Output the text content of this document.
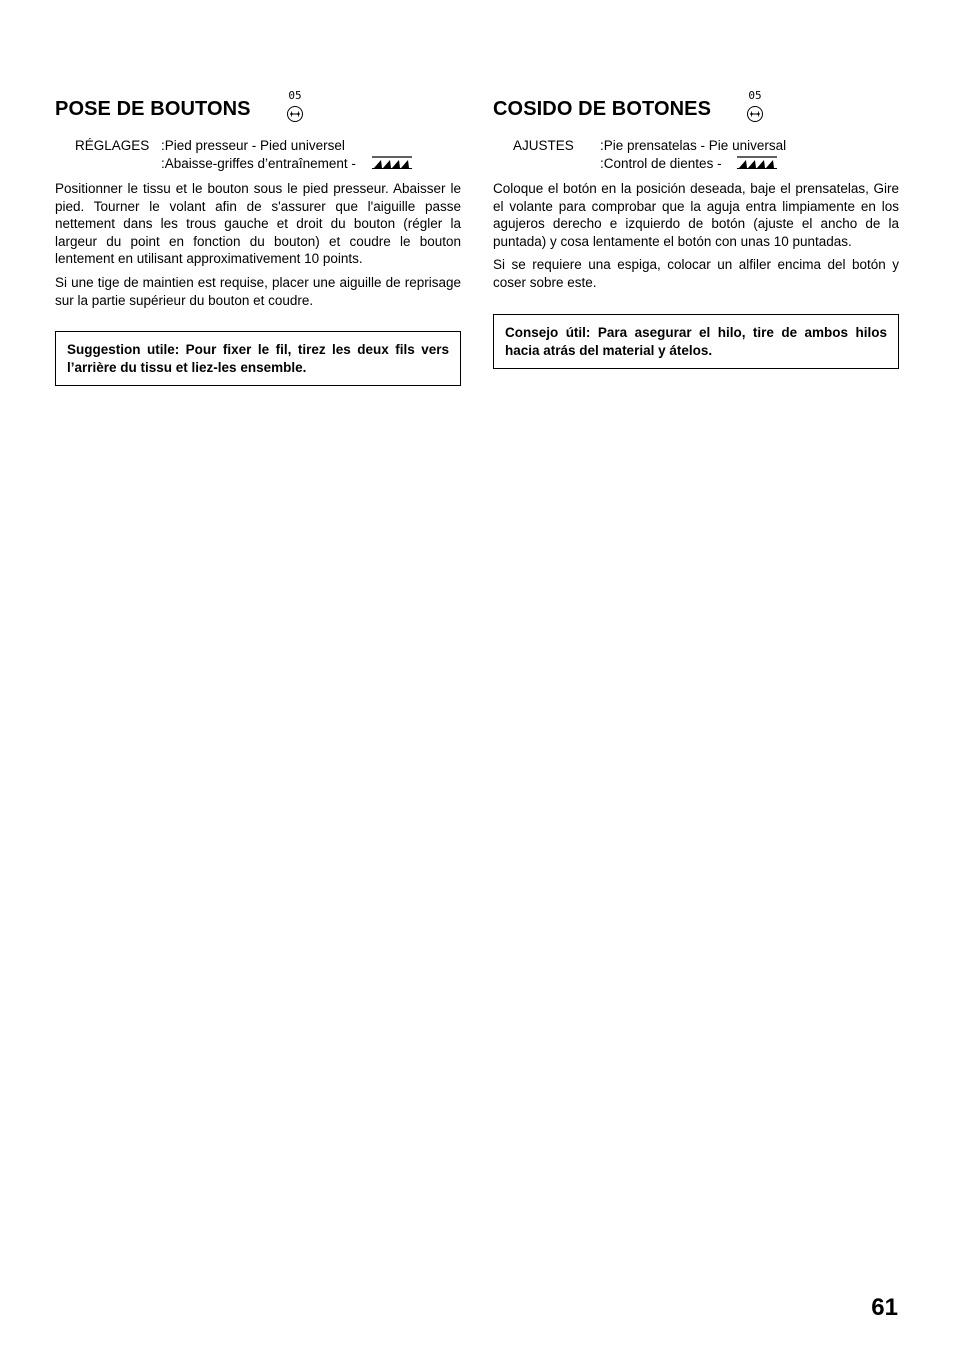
POSE DE BOUTONS
05
RÉGLAGES :Pied presseur - Pied universel
:Abaisse-griffes d’entraînement -

Positionner le tissu et le bouton sous le pied presseur. Abaisser le pied. Tourner le volant afin de s'assurer que l'aiguille passe nettement dans les trous gauche et droit du bouton (régler la largeur du point en fonction du bouton) et coudre le bouton lentement en utilisant approximativement 10 points.

Si une tige de maintien est requise, placer une aiguille de reprisage sur la partie supérieur du bouton et coudre.

Suggestion utile: Pour fixer le fil, tirez les deux fils vers l’arrière du tissu et liez-les ensemble.
COSIDO DE BOTONES
05
AJUSTES :Pie prensatelas - Pie universal
:Control de dientes -

Coloque el botón en la posición deseada, baje el prensatelas, Gire el volante para comprobar que la aguja entra limpiamente en los agujeros derecho e izquierdo de botón (ajuste el ancho de la puntada) y cosa lentamente el botón con unas 10 puntadas.

Si se requiere una espiga, colocar un alfiler encima del botón y coser sobre este.

Consejo útil: Para asegurar el hilo, tire de ambos hilos hacia atrás del material y átelos.
61
